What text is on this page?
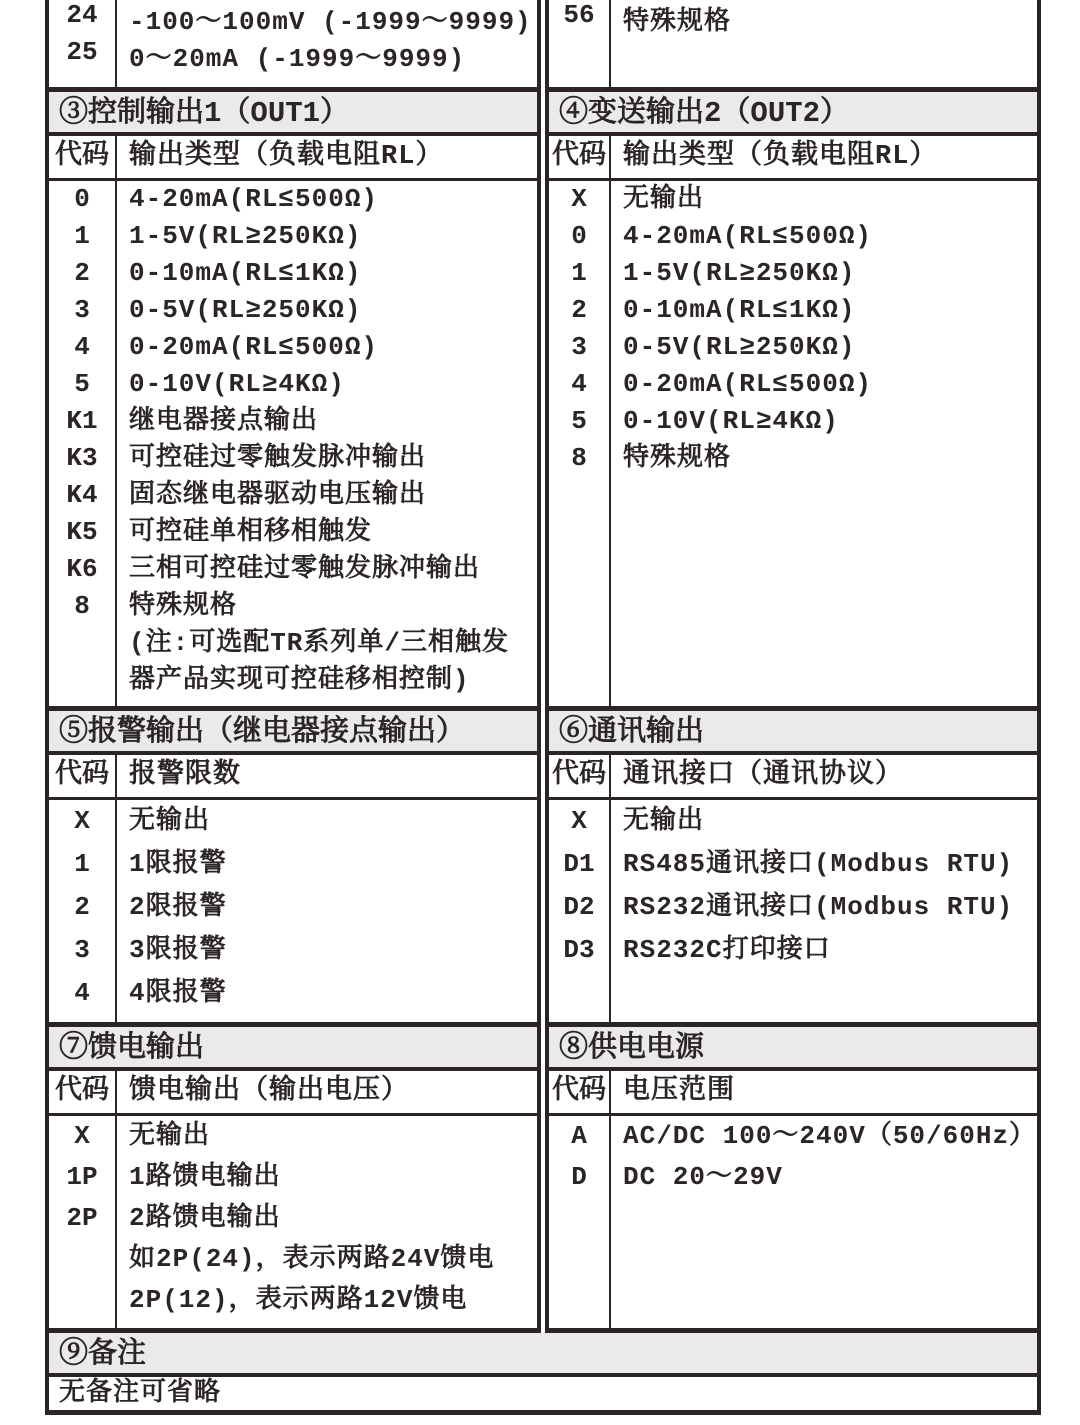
24	-100～100mV (-1999～9999)
25	0～20mA (-1999～9999)
56	特殊规格
③控制输出1（OUT1）
代码 输出类型（负载电阻RL）
0	4-20mA(RL≤500Ω)
1	1-5V(RL≥250KΩ)
2	0-10mA(RL≤1KΩ)
3	0-5V(RL≥250KΩ)
4	0-20mA(RL≤500Ω)
5	0-10V(RL≥4KΩ)
K1	继电器接点输出
K3	可控硅过零触发脉冲输出
K4	固态继电器驱动电压输出
K5	可控硅单相移相触发
K6	三相可控硅过零触发脉冲输出
8	特殊规格
(注:可选配TR系列单/三相触发
器产品实现可控硅移相控制)
④变送输出2（OUT2）
代码 输出类型（负载电阻RL）
X	无输出
0	4-20mA(RL≤500Ω)
1	1-5V(RL≥250KΩ)
2	0-10mA(RL≤1KΩ)
3	0-5V(RL≥250KΩ)
4	0-20mA(RL≤500Ω)
5	0-10V(RL≥4KΩ)
8	特殊规格
⑤报警输出（继电器接点输出）
代码 报警限数
X	无输出
1	1限报警
2	2限报警
3	3限报警
4	4限报警
⑥通讯输出
代码 通讯接口（通讯协议）
X	无输出
D1	RS485通讯接口(Modbus RTU)
D2	RS232通讯接口(Modbus RTU)
D3	RS232C打印接口
⑦馈电输出
代码 馈电输出（输出电压）
X	无输出
1P	1路馈电输出
2P	2路馈电输出
如2P(24)，表示两路24V馈电
2P(12)，表示两路12V馈电
⑧供电电源
代码 电压范围
A	AC/DC 100～240V（50/60Hz）
D	DC 20～29V
⑨备注
无备注可省略
